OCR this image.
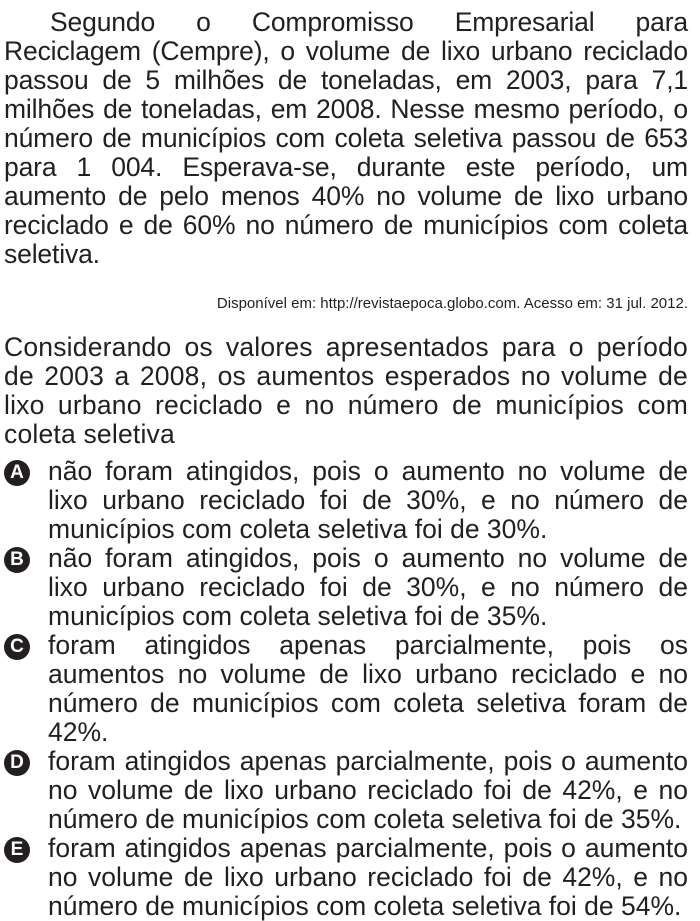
Segundo o Compromisso Empresarial para Reciclagem (Cempre), o volume de lixo urbano reciclado passou de 5 milhões de toneladas, em 2003, para 7,1 milhões de toneladas, em 2008. Nesse mesmo período, o número de municípios com coleta seletiva passou de 653 para 1 004. Esperava-se, durante este período, um aumento de pelo menos 40% no volume de lixo urbano reciclado e de 60% no número de municípios com coleta seletiva.

Disponível em: http://revistaepoca.globo.com. Acesso em: 31 jul. 2012.

Considerando os valores apresentados para o período de 2003 a 2008, os aumentos esperados no volume de lixo urbano reciclado e no número de municípios com coleta seletiva

A não foram atingidos, pois o aumento no volume de lixo urbano reciclado foi de 30%, e no número de municípios com coleta seletiva foi de 30%.

B não foram atingidos, pois o aumento no volume de lixo urbano reciclado foi de 30%, e no número de municípios com coleta seletiva foi de 35%.

C foram atingidos apenas parcialmente, pois os aumentos no volume de lixo urbano reciclado e no número de municípios com coleta seletiva foram de 42%.

D foram atingidos apenas parcialmente, pois o aumento no volume de lixo urbano reciclado foi de 42%, e no número de municípios com coleta seletiva foi de 35%.

E foram atingidos apenas parcialmente, pois o aumento no volume de lixo urbano reciclado foi de 42%, e no número de municípios com coleta seletiva foi de 54%.
